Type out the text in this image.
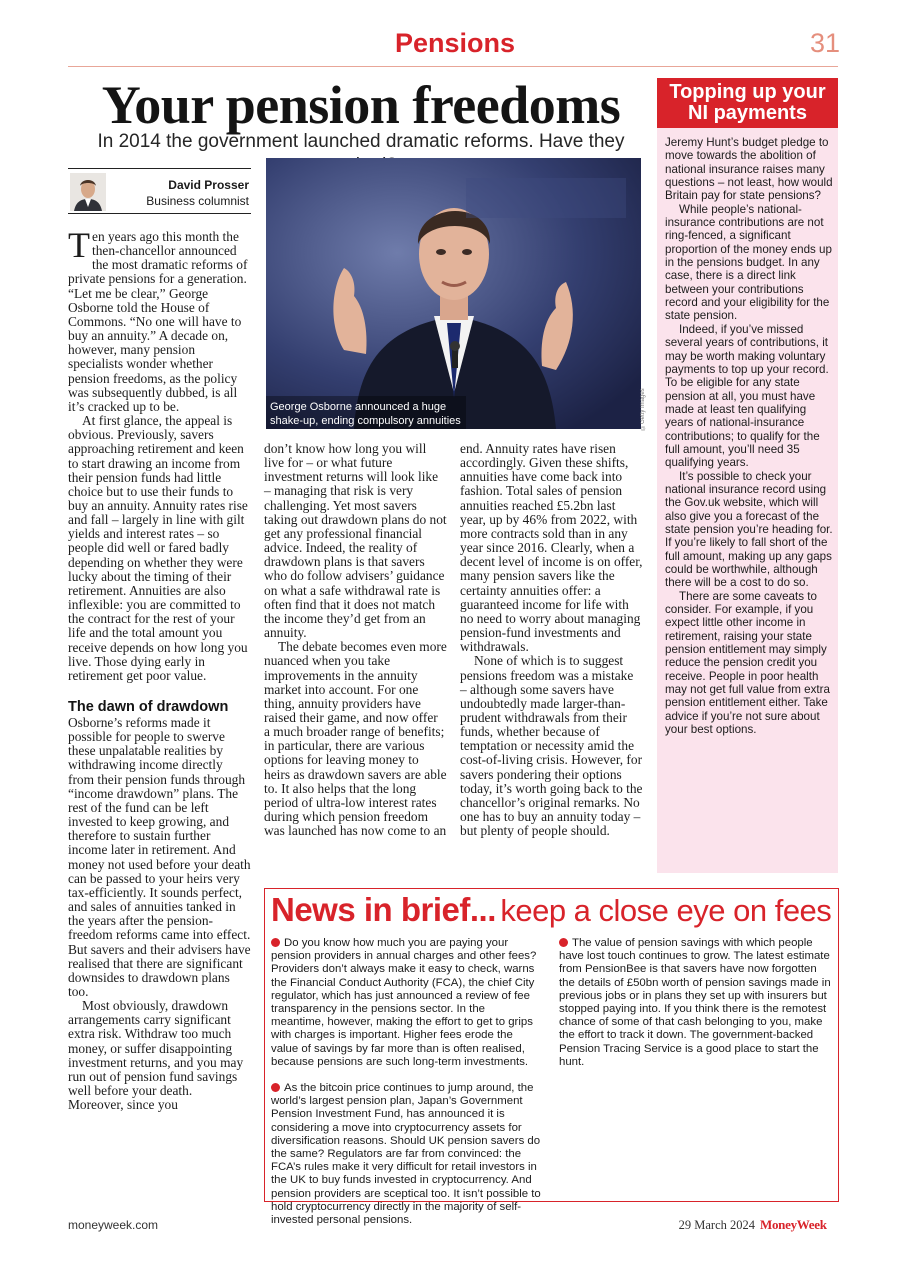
Pensions	31
Your pension freedoms
In 2014 the government launched dramatic reforms. Have they
David Prosser
Business columnist
George Osborne announced a huge shake-up, ending compulsory annuities	©Getty Images

Ten years ago this month the then-chancellor announced the most dramatic reforms of private pensions for a generation. “Let me be clear,” George Osborne told the House of Commons. “No one will have to buy an annuity.” A decade on, however, many pension specialists wonder whether pension freedoms, as the policy was subsequently dubbed, is all it’s cracked up to be.

At first glance, the appeal is obvious. Previously, savers approaching retirement and keen to start drawing an income from their pension funds had little choice but to use their funds to buy an annuity. Annuity rates rise and fall – largely in line with gilt yields and interest rates – so people did well or fared badly depending on whether they were lucky about the timing of their retirement. Annuities are also inflexible: you are committed to the contract for the rest of your life and the total amount you receive depends on how long you live. Those dying early in retirement get poor value.

The dawn of drawdown

Osborne’s reforms made it possible for people to swerve these unpalatable realities by withdrawing income directly from their pension funds through “income drawdown” plans. The rest of the fund can be left invested to keep growing, and therefore to sustain further income later in retirement. And money not used before your death can be passed to your heirs very tax-efficiently. It sounds perfect, and sales of annuities tanked in the years after the pension-freedom reforms came into effect. But savers and their advisers have realised that there are significant downsides to drawdown plans too.

Most obviously, drawdown arrangements carry significant extra risk. Withdraw too much money, or suffer disappointing investment returns, and you may run out of pension fund savings well before your death. Moreover, since you

don’t know how long you will live for – or what future investment returns will look like – managing that risk is very challenging. Yet most savers taking out drawdown plans do not get any professional financial advice. Indeed, the reality of drawdown plans is that savers who do follow advisers’ guidance on what a safe withdrawal rate is often find that it does not match the income they’d get from an annuity.

The debate becomes even more nuanced when you take improvements in the annuity market into account. For one thing, annuity providers have raised their game, and now offer a much broader range of benefits; in particular, there are various options for leaving money to heirs as drawdown savers are able to. It also helps that the long period of ultra-low interest rates during which pension freedom was launched has now come to an

end. Annuity rates have risen accordingly. Given these shifts, annuities have come back into fashion. Total sales of pension annuities reached £5.2bn last year, up by 46% from 2022, with more contracts sold than in any year since 2016. Clearly, when a decent level of income is on offer, many pension savers like the certainty annuities offer: a guaranteed income for life with no need to worry about managing pension-fund investments and withdrawals.

None of which is to suggest pensions freedom was a mistake – although some savers have undoubtedly made larger-than-prudent withdrawals from their funds, whether because of temptation or necessity amid the cost-of-living crisis. However, for savers pondering their options today, it’s worth going back to the chancellor’s original remarks. No one has to buy an annuity today – but plenty of people should.

Topping up your NI payments

Jeremy Hunt’s budget pledge to move towards the abolition of national insurance raises many questions – not least, how would Britain pay for state pensions?

While people’s national-insurance contributions are not ring-fenced, a significant proportion of the money ends up in the pensions budget. In any case, there is a direct link between your contributions record and your eligibility for the state pension.

Indeed, if you’ve missed several years of contributions, it may be worth making voluntary payments to top up your record. To be eligible for any state pension at all, you must have made at least ten qualifying years of national-insurance contributions; to qualify for the full amount, you’ll need 35 qualifying years.

It’s possible to check your national insurance record using the Gov.uk website, which will also give you a forecast of the state pension you’re heading for. If you’re likely to fall short of the full amount, making up any gaps could be worthwhile, although there will be a cost to do so.

There are some caveats to consider. For example, if you expect little other income in retirement, raising your state pension entitlement may simply reduce the pension credit you receive. People in poor health may not get full value from extra pension entitlement either. Take advice if you’re not sure about your best options.

News in brief... keep a close eye on fees

Do you know how much you are paying your pension providers in annual charges and other fees? Providers don’t always make it easy to check, warns the Financial Conduct Authority (FCA), the chief City regulator, which has just announced a review of fee transparency in the pensions sector. In the meantime, however, making the effort to get to grips with charges is important. Higher fees erode the value of savings by far more than is often realised, because pensions are such long-term investments.

As the bitcoin price continues to jump around, the world’s largest pension plan, Japan’s Government Pension Investment Fund, has announced it is considering a move into cryptocurrency assets for diversification reasons. Should UK pension savers do the same? Regulators are far from convinced: the FCA’s rules make it very difficult for retail investors in the UK to buy funds invested in cryptocurrency. And pension providers are sceptical too. It isn’t possible to hold cryptocurrency directly in the majority of self-invested personal pensions.

The value of pension savings with which people have lost touch continues to grow. The latest estimate from PensionBee is that savers have now forgotten the details of £50bn worth of pension savings made in previous jobs or in plans they set up with insurers but stopped paying into. If you think there is the remotest chance of some of that cash belonging to you, make the effort to track it down. The government-backed Pension Tracing Service is a good place to start the hunt.

moneyweek.com	29 March 2024 MoneyWeek
